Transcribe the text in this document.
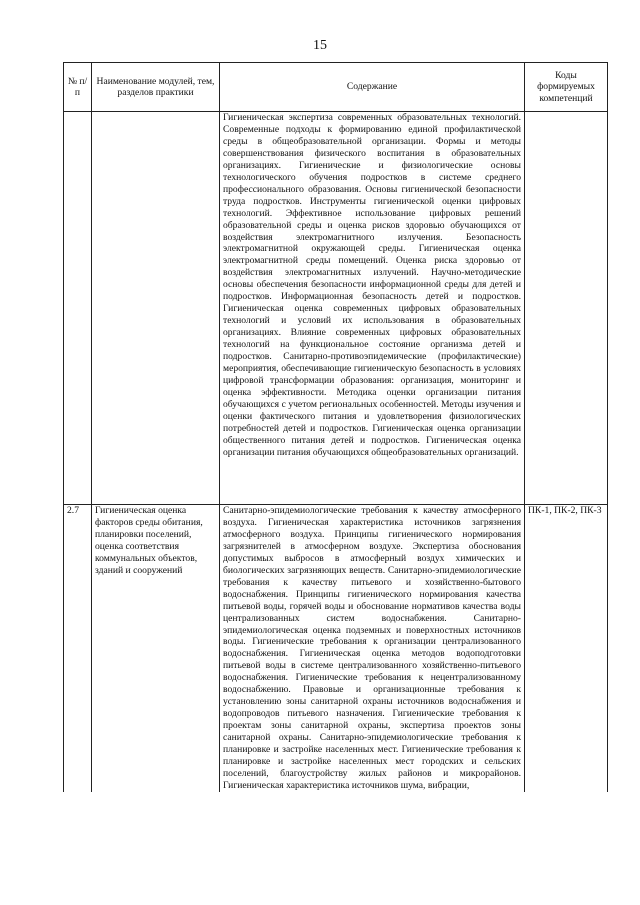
15
№ п/п	Наименование модулей, тем, разделов практики	Содержание	Коды формируемых компетенций

		Гигиеническая экспертиза современных образовательных технологий. Современные подходы к формированию единой профилактической среды в общеобразовательной организации. Формы и методы совершенствования физического воспитания в образовательных организациях. Гигиенические и физиологические основы технологического обучения подростков в системе среднего профессионального образования. Основы гигиенической безопасности труда подростков. Инструменты гигиенической оценки цифровых технологий. Эффективное использование цифровых решений образовательной среды и оценка рисков здоровью обучающихся от воздействия электромагнитного излучения. Безопасность электромагнитной окружающей среды. Гигиеническая оценка электромагнитной среды помещений. Оценка риска здоровью от воздействия электромагнитных излучений. Научно-методические основы обеспечения безопасности информационной среды для детей и подростков. Информационная безопасность детей и подростков. Гигиеническая оценка современных цифровых образовательных технологий и условий их использования в образовательных организациях. Влияние современных цифровых образовательных технологий на функциональное состояние организма детей и подростков. Санитарно-противоэпидемические (профилактические) мероприятия, обеспечивающие гигиеническую безопасность в условиях цифровой трансформации образования: организация, мониторинг и оценка эффективности. Методика оценки организации питания обучающихся с учетом региональных особенностей. Методы изучения и оценки фактического питания и удовлетворения физиологических потребностей детей и подростков. Гигиеническая оценка организации общественного питания детей и подростков. Гигиеническая оценка организации питания обучающихся общеобразовательных организаций.	

2.7	Гигиеническая оценка факторов среды обитания, планировки поселений, оценка соответствия коммунальных объектов, зданий и сооружений	Санитарно-эпидемиологические требования к качеству атмосферного воздуха. Гигиеническая характеристика источников загрязнения атмосферного воздуха. Принципы гигиенического нормирования загрязнителей в атмосферном воздухе. Экспертиза обоснования допустимых выбросов в атмосферный воздух химических и биологических загрязняющих веществ. Санитарно-эпидемиологические требования к качеству питьевого и хозяйственно-бытового водоснабжения. Принципы гигиенического нормирования качества питьевой воды, горячей воды и обоснование нормативов качества воды централизованных систем водоснабжения. Санитарно-эпидемиологическая оценка подземных и поверхностных источников воды. Гигиенические требования к организации централизованного водоснабжения. Гигиеническая оценка методов водоподготовки питьевой воды в системе централизованного хозяйственно-питьевого водоснабжения. Гигиенические требования к нецентрализованному водоснабжению. Правовые и организационные требования к установлению зоны санитарной охраны источников водоснабжения и водопроводов питьевого назначения. Гигиенические требования к проектам зоны санитарной охраны, экспертиза проектов зоны санитарной охраны. Санитарно-эпидемиологические требования к планировке и застройке населенных мест. Гигиенические требования к планировке и застройке населенных мест городских и сельских поселений, благоустройству жилых районов и микрорайонов. Гигиеническая характеристика источников шума, вибрации,	ПК-1, ПК-2, ПК-3
